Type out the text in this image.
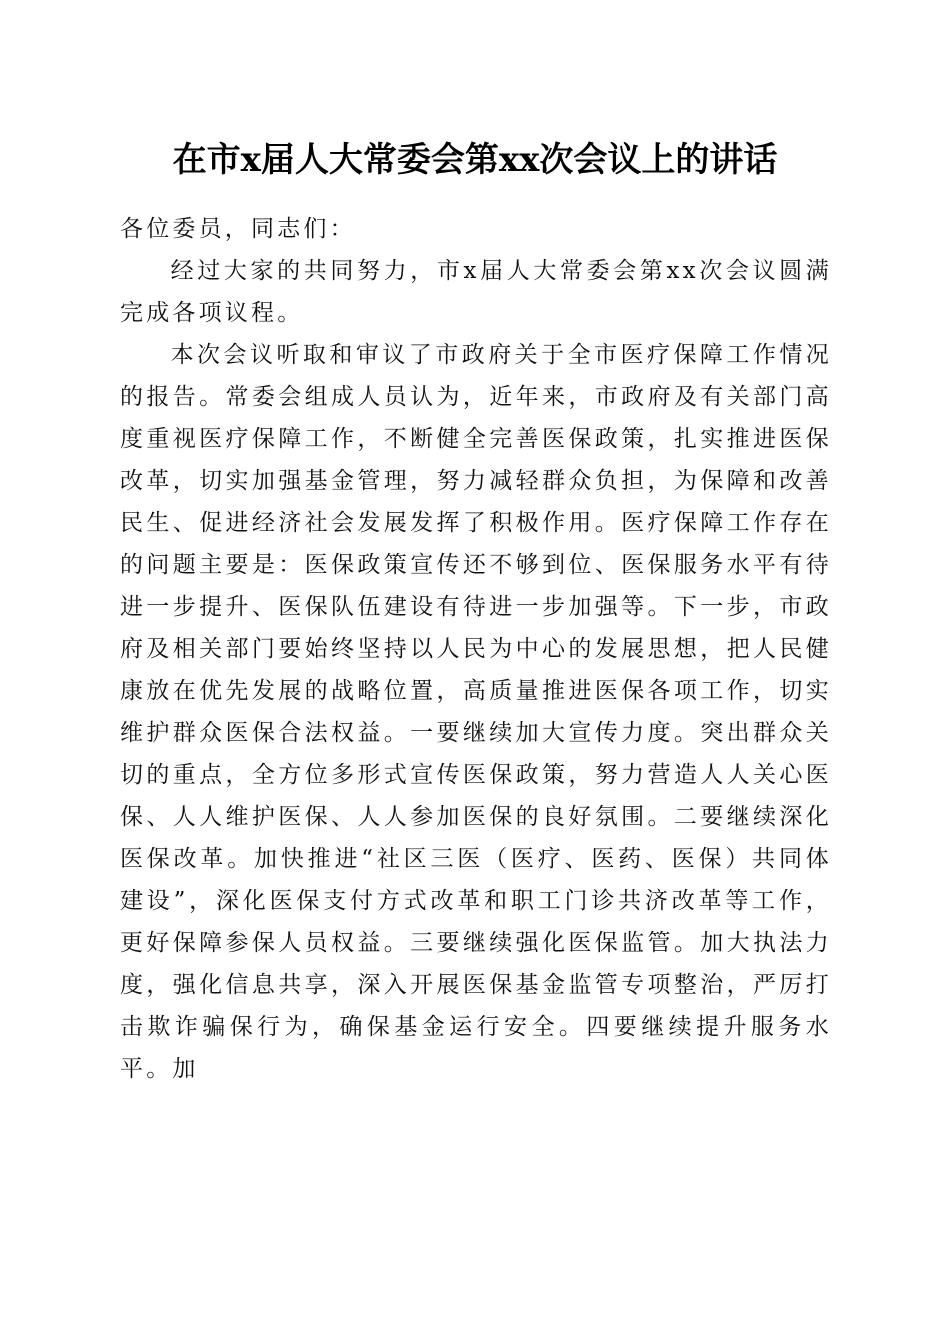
在市x届人大常委会第xx次会议上的讲话

各位委员，同志们：

经过大家的共同努力，市x届人大常委会第xx次会议圆满完成各项议程。

本次会议听取和审议了市政府关于全市医疗保障工作情况的报告。常委会组成人员认为，近年来，市政府及有关部门高度重视医疗保障工作，不断健全完善医保政策，扎实推进医保改革，切实加强基金管理，努力减轻群众负担，为保障和改善民生、促进经济社会发展发挥了积极作用。医疗保障工作存在的问题主要是：医保政策宣传还不够到位、医保服务水平有待进一步提升、医保队伍建设有待进一步加强等。下一步，市政府及相关部门要始终坚持以人民为中心的发展思想，把人民健康放在优先发展的战略位置，高质量推进医保各项工作，切实维护群众医保合法权益。一要继续加大宣传力度。突出群众关切的重点，全方位多形式宣传医保政策，努力营造人人关心医保、人人维护医保、人人参加医保的良好氛围。二要继续深化医保改革。加快推进“社区三医（医疗、医药、医保）共同体建设”，深化医保支付方式改革和职工门诊共济改革等工作，更好保障参保人员权益。三要继续强化医保监管。加大执法力度，强化信息共享，深入开展医保基金监管专项整治，严厉打击欺诈骗保行为，确保基金运行安全。四要继续提升服务水平。加
